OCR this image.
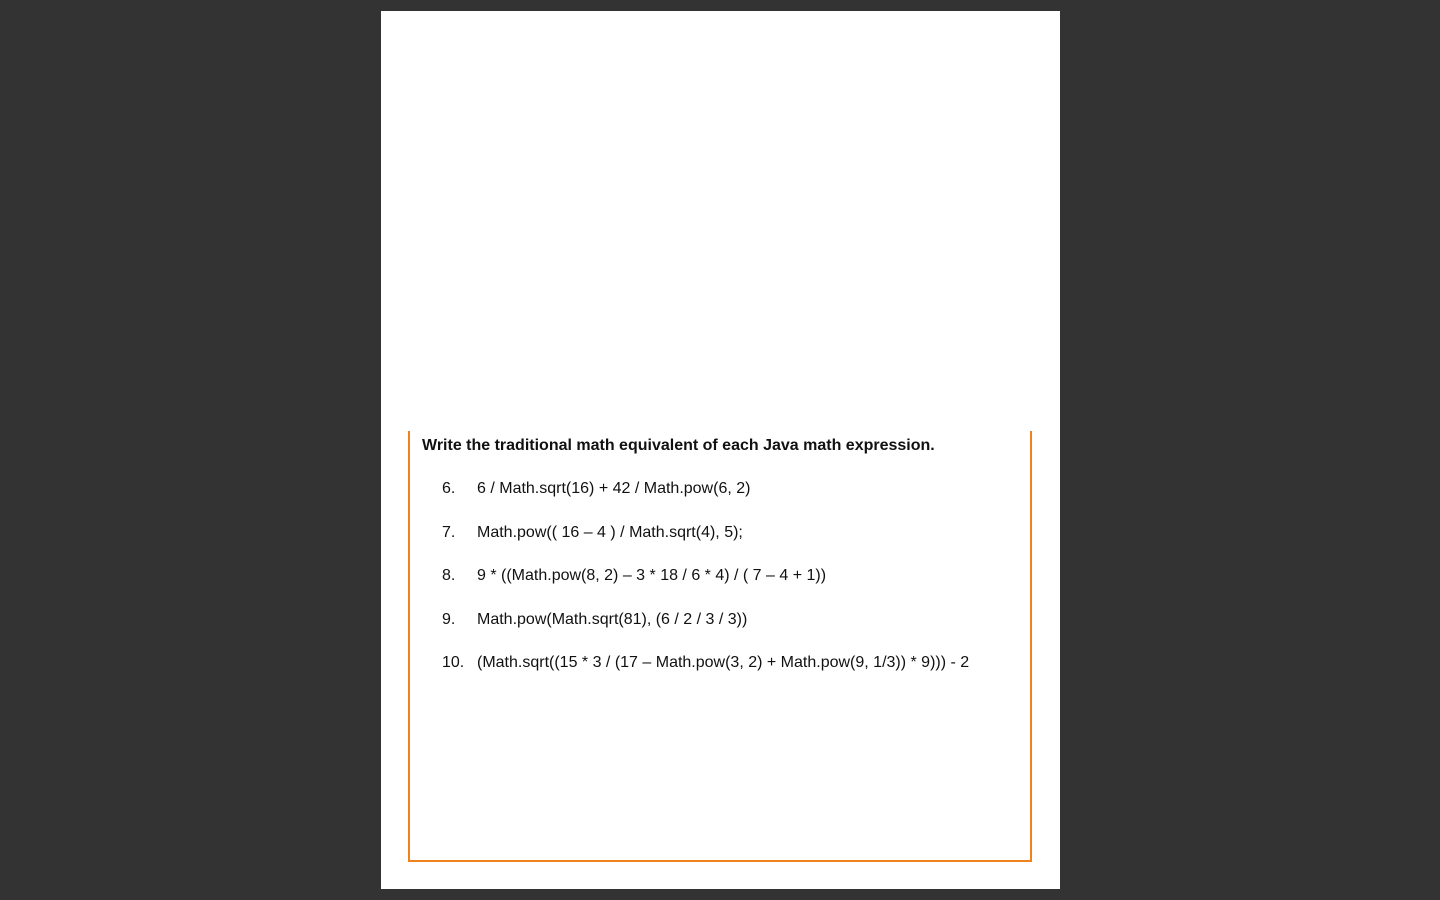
Write the traditional math equivalent of each Java math expression.

6.	6 / Math.sqrt(16) + 42 / Math.pow(6, 2)
7.	Math.pow(( 16 – 4 ) / Math.sqrt(4), 5);
8.	9 * ((Math.pow(8, 2) – 3 * 18 / 6 * 4) / ( 7 – 4 + 1))
9.	Math.pow(Math.sqrt(81), (6 / 2 / 3 / 3))
10. (Math.sqrt((15 * 3 / (17 – Math.pow(3, 2) + Math.pow(9, 1/3)) * 9))) - 2
